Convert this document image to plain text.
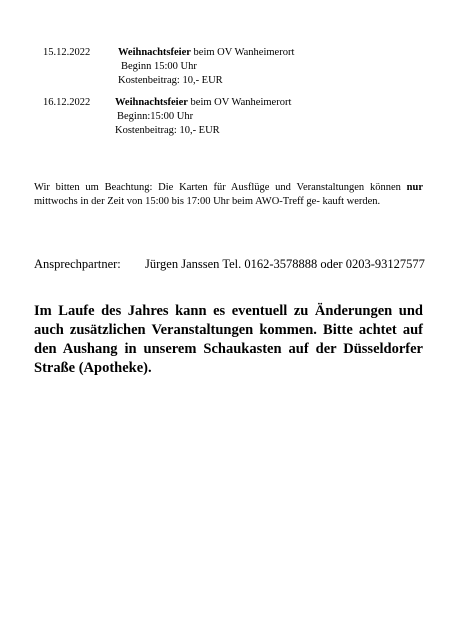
15.12.2022	Weihnachtsfeier beim OV Wanheimerort
Beginn 15:00 Uhr
Kostenbeitrag: 10,- EUR
16.12.2022 Weihnachtsfeier beim OV Wanheimerort
Beginn:15:00 Uhr
Kostenbeitrag: 10,- EUR

Wir bitten um Beachtung: Die Karten für Ausflüge und Veranstaltungen können nur mittwochs in der Zeit von 15:00 bis 17:00 Uhr beim AWO-Treff ge- kauft werden.

Ansprechpartner: Jürgen Janssen Tel. 0162-3578888 oder 0203-93127577

Im Laufe des Jahres kann es eventuell zu Änderungen und auch zusätzlichen Veranstaltungen kommen. Bitte achtet auf den Aushang in unserem Schaukasten auf der Düsseldorfer Straße (Apotheke).
